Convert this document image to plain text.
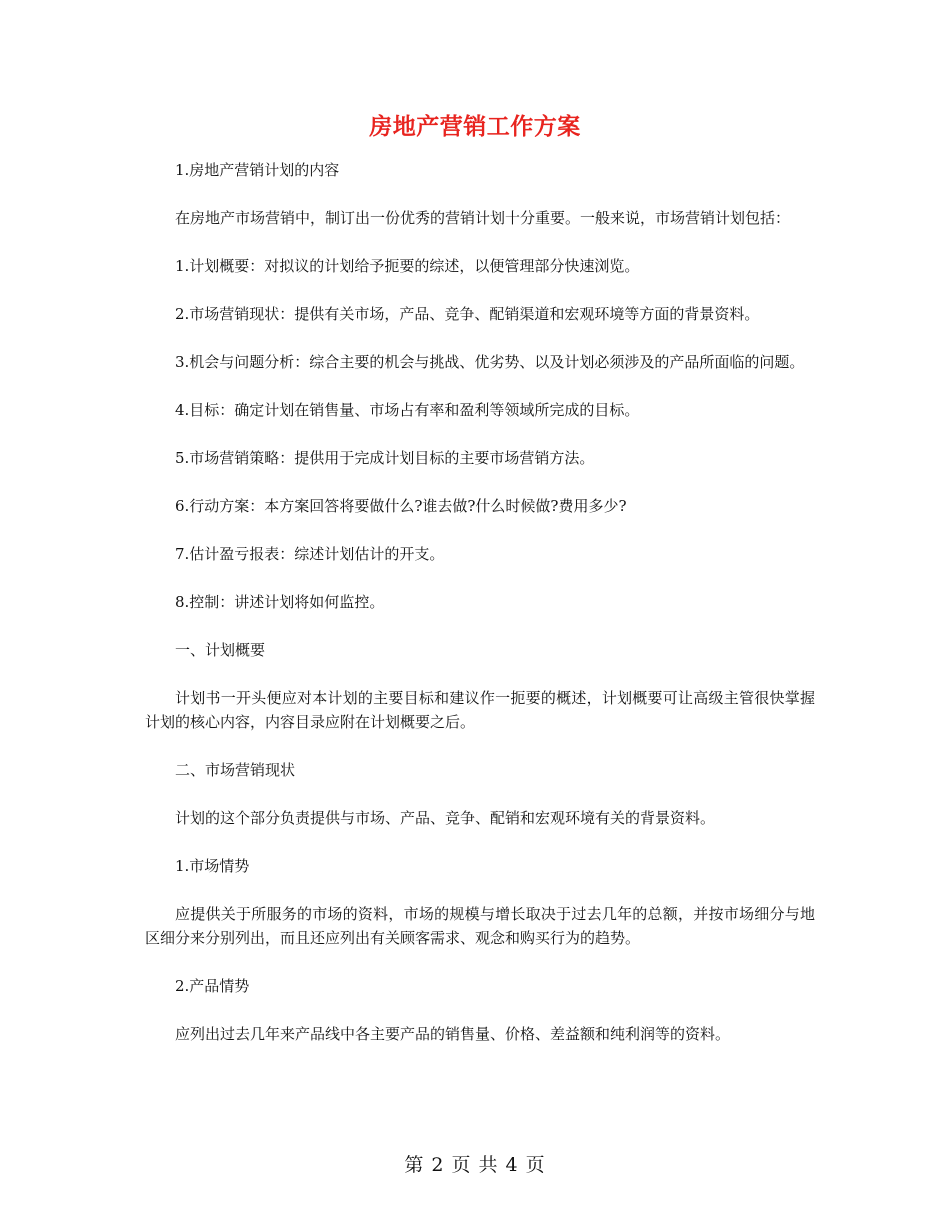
房地产营销工作方案

1.房地产营销计划的内容

在房地产市场营销中，制订出一份优秀的营销计划十分重要。一般来说，市场营销计划包括：

1.计划概要：对拟议的计划给予扼要的综述，以便管理部分快速浏览。

2.市场营销现状：提供有关市场，产品、竞争、配销渠道和宏观环境等方面的背景资料。

3.机会与问题分析：综合主要的机会与挑战、优劣势、以及计划必须涉及的产品所面临的问题。

4.目标：确定计划在销售量、市场占有率和盈利等领域所完成的目标。

5.市场营销策略：提供用于完成计划目标的主要市场营销方法。

6.行动方案：本方案回答将要做什么?谁去做?什么时候做?费用多少?

7.估计盈亏报表：综述计划估计的开支。

8.控制：讲述计划将如何监控。

一、计划概要

计划书一开头便应对本计划的主要目标和建议作一扼要的概述，计划概要可让高级主管很快掌握计划的核心内容，内容目录应附在计划概要之后。

二、市场营销现状

计划的这个部分负责提供与市场、产品、竞争、配销和宏观环境有关的背景资料。

1.市场情势

应提供关于所服务的市场的资料，市场的规模与增长取决于过去几年的总额，并按市场细分与地区细分来分别列出，而且还应列出有关顾客需求、观念和购买行为的趋势。

2.产品情势

应列出过去几年来产品线中各主要产品的销售量、价格、差益额和纯利润等的资料。

第 2 页 共 4 页
